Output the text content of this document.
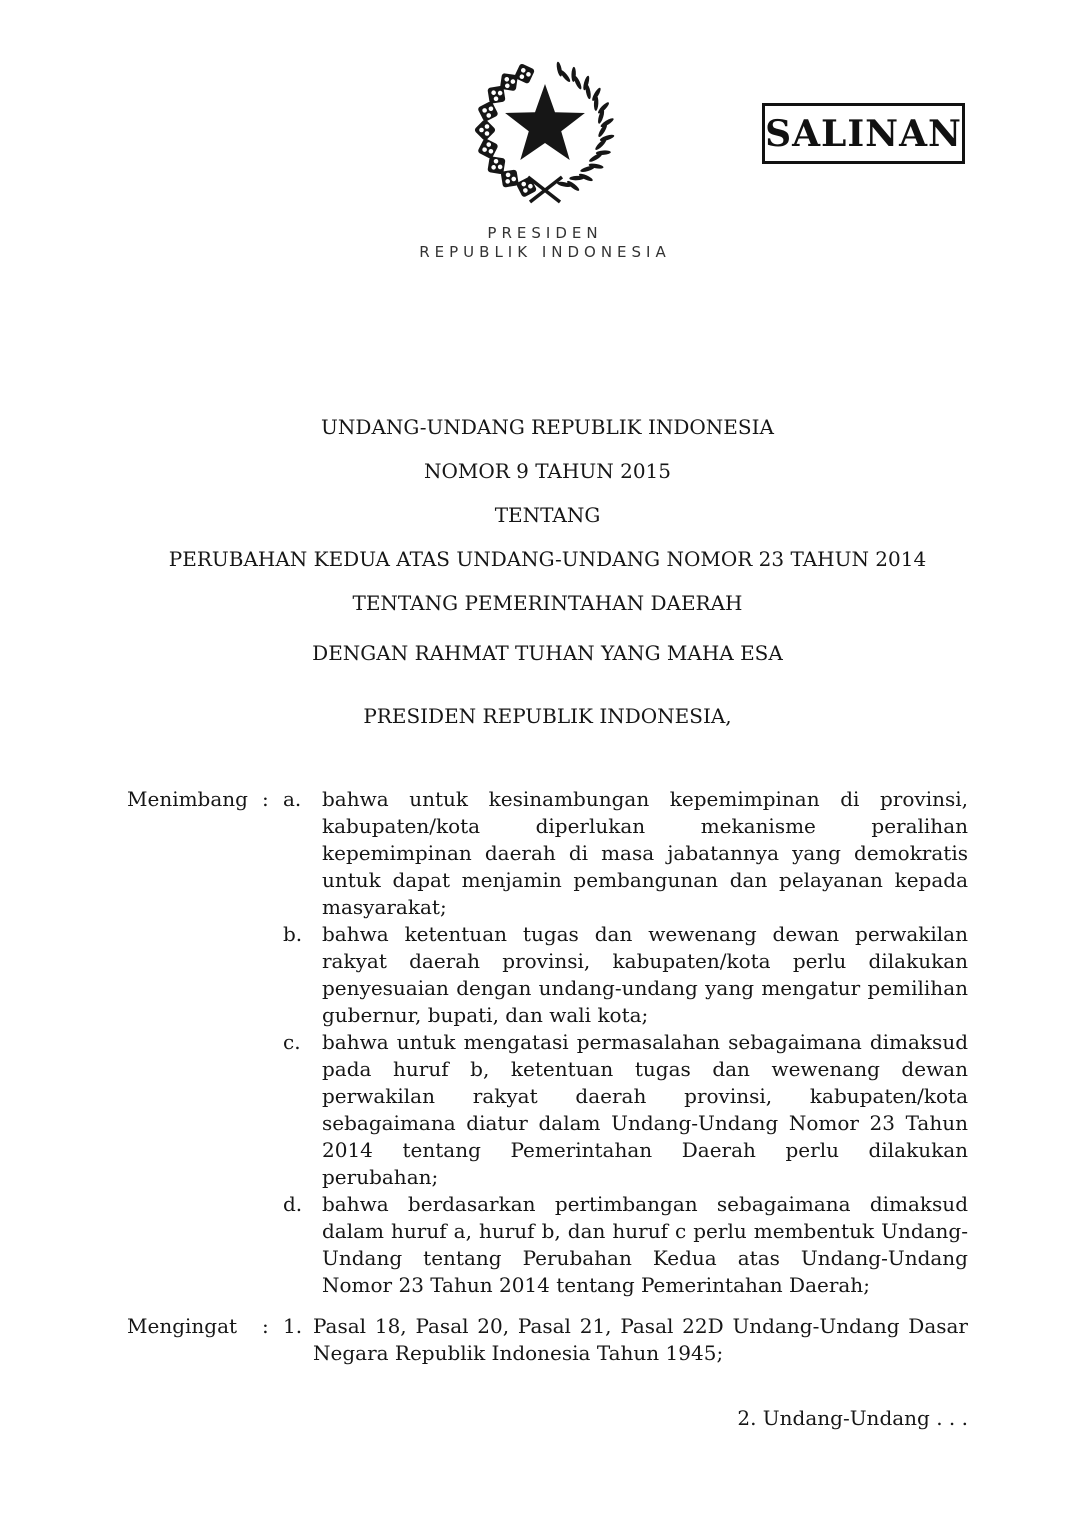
PRESIDEN
REPUBLIK INDONESIA
SALINAN
UNDANG-UNDANG REPUBLIK INDONESIA
NOMOR 9 TAHUN 2015
TENTANG
PERUBAHAN KEDUA ATAS UNDANG-UNDANG NOMOR 23 TAHUN 2014
TENTANG PEMERINTAHAN DAERAH
DENGAN RAHMAT TUHAN YANG MAHA ESA
PRESIDEN REPUBLIK INDONESIA,
Menimbang : a.	bahwa untuk kesinambungan kepemimpinan di provinsi, kabupaten/kota diperlukan mekanisme peralihan kepemimpinan daerah di masa jabatannya yang demokratis untuk dapat menjamin pembangunan dan pelayanan kepada masyarakat;
b. bahwa ketentuan tugas dan wewenang dewan perwakilan rakyat daerah provinsi, kabupaten/kota perlu dilakukan penyesuaian dengan undang-undang yang mengatur pemilihan gubernur, bupati, dan wali kota;
c.	bahwa untuk mengatasi permasalahan sebagaimana dimaksud pada huruf b, ketentuan tugas dan wewenang dewan perwakilan rakyat daerah provinsi, kabupaten/kota sebagaimana diatur dalam Undang-Undang Nomor 23 Tahun 2014 tentang Pemerintahan Daerah perlu dilakukan perubahan;
d. bahwa berdasarkan pertimbangan sebagaimana dimaksud dalam huruf a, huruf b, dan huruf c perlu membentuk Undang-Undang tentang Perubahan Kedua atas Undang-Undang Nomor 23 Tahun 2014 tentang Pemerintahan Daerah;
Mengingat	: 1. Pasal 18, Pasal 20, Pasal 21, Pasal 22D Undang-Undang Dasar Negara Republik Indonesia Tahun 1945;
2. Undang-Undang . . .
